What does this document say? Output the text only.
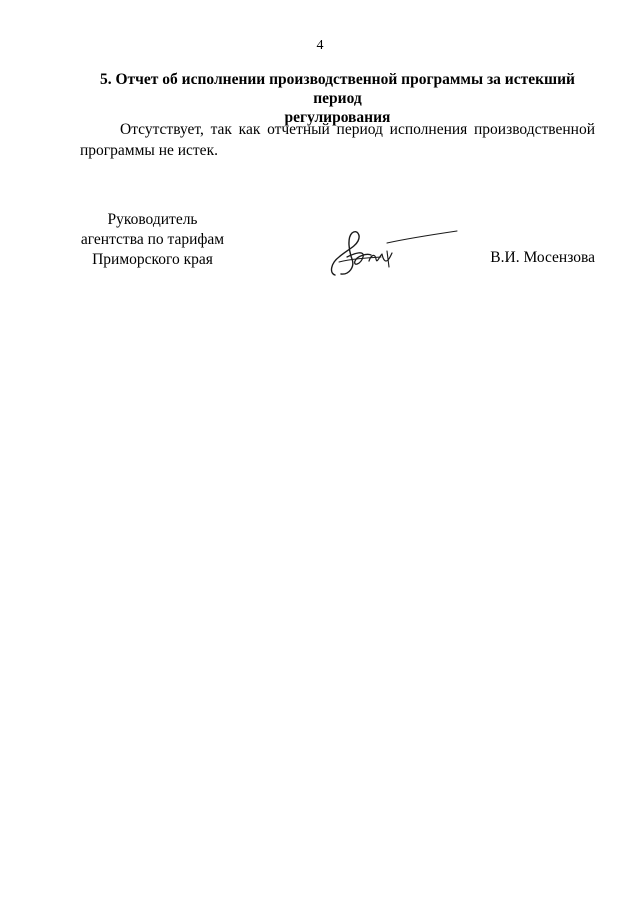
4
5. Отчет об исполнении производственной программы за истекший период
регулирования

Отсутствует, так как отчетный период исполнения производственной программы не истек.

Руководитель
агентства по тарифам
Приморского края	В.И. Мосензова
